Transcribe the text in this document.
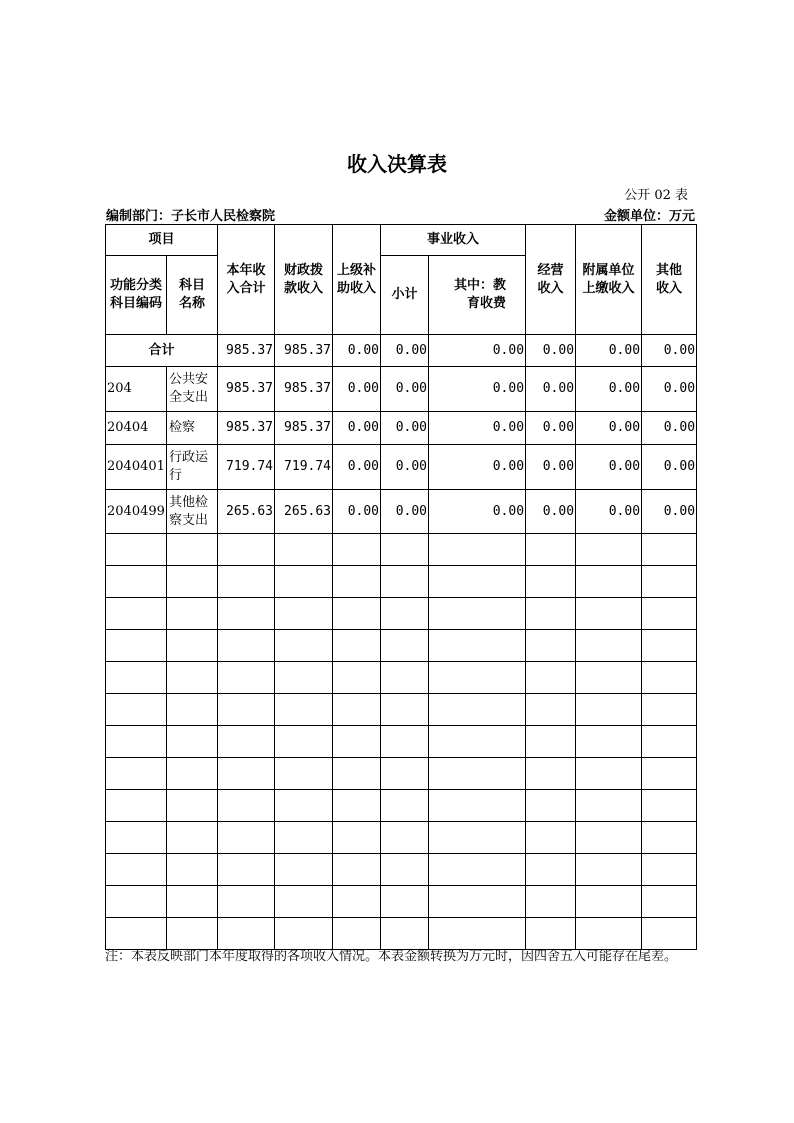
收入决算表
公开 02 表
编制部门：子长市人民检察院	金额单位：万元
项目		本年收入合计	财政拨款收入	上级补助收入	事业收入		经营收入	附属单位上缴收入	其他收入

功能分类科目编码	科目名称				小计	其中：教育收费			

合计		985.37	985.37	0.00	0.00	0.00	0.00	0.00	0.00
204	公共安全支出	985.37	985.37	0.00	0.00	0.00	0.00	0.00	0.00
20404	检察	985.37	985.37	0.00	0.00	0.00	0.00	0.00	0.00
2040401	行政运行	719.74	719.74	0.00	0.00	0.00	0.00	0.00	0.00
2040499	其他检察支出	265.63	265.63	0.00	0.00	0.00	0.00	0.00	0.00

注：本表反映部门本年度取得的各项收入情况。本表金额转换为万元时，因四舍五入可能存在尾差。
